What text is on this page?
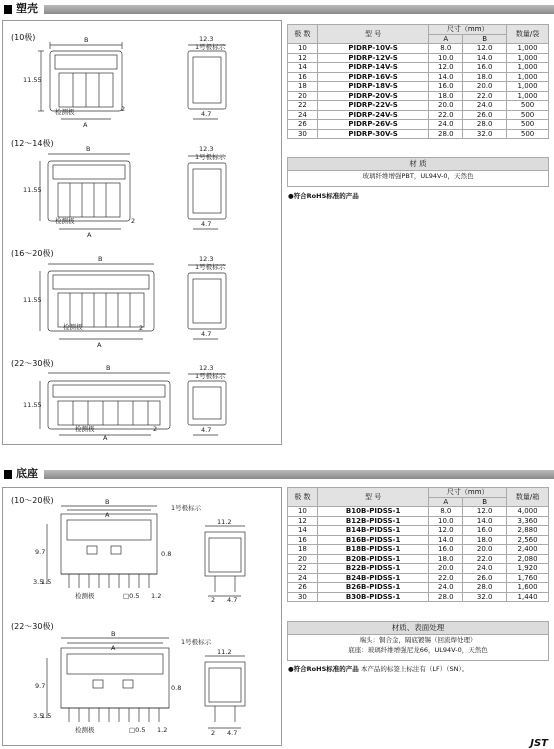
塑壳
(10极)
(12〜14极)
(16〜20极)
(22〜30极)
B
11.55
检测极	2
A
12.3
1号极标示
4.7
B
11.55
检测极	2
A
12.3
1号极标示
4.7
B
11.55
检测极	2
A
12.3
1号极标示
4.7
B
11.55
检测极	2
A
12.3
1号极标示
4.7
极 数	型 号	尺寸（mm）		数量/袋
		A	B	
10	PIDRP-10V-S	8.0	12.0	1,000
12	PIDRP-12V-S	10.0	14.0	1,000
14	PIDRP-14V-S	12.0	16.0	1,000
16	PIDRP-16V-S	14.0	18.0	1,000
18	PIDRP-18V-S	16.0	20.0	1,000
20	PIDRP-20V-S	18.0	22.0	1,000
22	PIDRP-22V-S	20.0	24.0	500
24	PIDRP-24V-S	22.0	26.0	500
26	PIDRP-26V-S	24.0	28.0	500
30	PIDRP-30V-S	28.0	32.0	500
材 质
玻璃纤维增强PBT，UL94V-0，天然色
●符合RoHS标准的产品
底座
(10〜20极)
(22〜30极)
B
A
1号极标示
9.7
3.5
1.5
0.8
检测极	□0.5 1.2
11.2
2 4.7
B
A
1号极标示
9.7
3.5
1.5
0.8
检测极	□0.5 1.2
11.2
2 4.7
极 数	型 号	尺寸（mm）		数量/箱
		A	B	
10	B10B-PIDSS-1	8.0	12.0	4,000
12	B12B-PIDSS-1	10.0	14.0	3,360
14	B14B-PIDSS-1	12.0	16.0	2,880
16	B16B-PIDSS-1	14.0	18.0	2,560
18	B18B-PIDSS-1	16.0	20.0	2,400
20	B20B-PIDSS-1	18.0	22.0	2,080
22	B22B-PIDSS-1	20.0	24.0	1,920
24	B24B-PIDSS-1	22.0	26.0	1,760
26	B26B-PIDSS-1	24.0	28.0	1,600
30	B30B-PIDSS-1	28.0	32.0	1,440
材质、表面处理
端头：铜合金，隔底镀锡（回流焊处理）
底座：玻璃纤维增强尼龙66，UL94V-0，天然色
●符合RoHS标准的产品 本产品的标签上标注有（LF）（SN）。
JST
